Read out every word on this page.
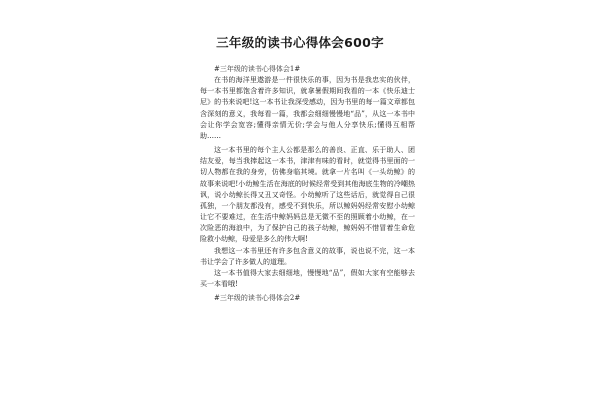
三年级的读书心得体会600字
#三年级的读书心得体会1#
在书的海洋里遨游是一件很快乐的事，因为书是我忠实的伙伴，每一本书里都饱含着许多知识，就拿暑假期间我看的一本《快乐迪士尼》的书来说吧!这一本书让我深受感动，因为书里的每一篇文章都包含深刻的意义，我每看一篇，我都会细细慢慢地“品”，从这一本书中会让你学会宽容;懂得亲情无价;学会与他人分享快乐;懂得互相帮助……
这一本书里的每个主人公都是那么的善良、正直、乐于助人、团结友爱，每当我捧起这一本书，津津有味的看时，就觉得书里面的一切人物都在我的身旁，仿佛身临其境。就拿一片名叫《一头幼鲸》的故事来说吧!小幼鲸生活在海底的时候经常受到其他海底生物的冷嘲热讽，说小幼鲸长得又丑又奇怪。小幼鲸听了这些话后，就觉得自己很孤独，一个朋友都没有，感受不到快乐，所以鲸妈妈经常安慰小幼鲸让它不要难过，在生活中鲸妈妈总是无微不至的照顾着小幼鲸，在一次险恶的海浪中，为了保护自己的孩子幼鲸，鲸妈妈不惜冒着生命危险救小幼鲸，母爱是多么的伟大啊!
我想这一本书里还有许多包含意义的故事，说也说不完，这一本书让学会了许多做人的道理。
这一本书值得大家去细细地，慢慢地“品”，假如大家有空能够去买一本看哦!
#三年级的读书心得体会2#
